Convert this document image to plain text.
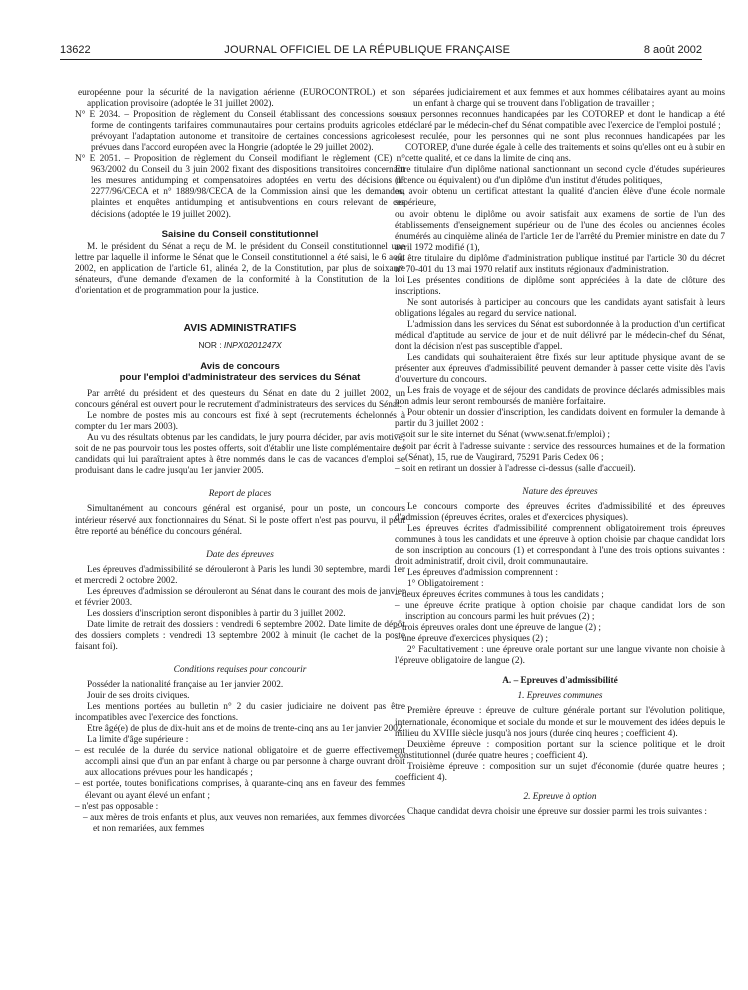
13622	JOURNAL OFFICIEL DE LA RÉPUBLIQUE FRANÇAISE	8 août 2002

européenne pour la sécurité de la navigation aérienne (EUROCONTROL) et son application provisoire (adoptée le 31 juillet 2002).

N° E 2034. – Proposition de règlement du Conseil établissant des concessions sous forme de contingents tarifaires communautaires pour certains produits agricoles et prévoyant l'adaptation autonome et transitoire de certaines concessions agricoles prévues dans l'accord européen avec la Hongrie (adoptée le 29 juillet 2002).

N° E 2051. – Proposition de règlement du Conseil modifiant le règlement (CE) n° 963/2002 du Conseil du 3 juin 2002 fixant des dispositions transitoires concernant les mesures antidumping et compensatoires adoptées en vertu des décisions n° 2277/96/CECA et n° 1889/98/CECA de la Commission ainsi que les demandes, plaintes et enquêtes antidumping et antisubventions en cours relevant de ces décisions (adoptée le 19 juillet 2002).

Saisine du Conseil constitutionnel

M. le président du Sénat a reçu de M. le président du Conseil constitutionnel une lettre par laquelle il informe le Sénat que le Conseil constitutionnel a été saisi, le 6 août 2002, en application de l'article 61, alinéa 2, de la Constitution, par plus de soixante sénateurs, d'une demande d'examen de la conformité à la Constitution de la loi d'orientation et de programmation pour la justice.

AVIS ADMINISTRATIFS
NOR : INPX0201247X
Avis de concours
pour l'emploi d'administrateur des services du Sénat

Par arrêté du président et des questeurs du Sénat en date du 2 juillet 2002, un concours général est ouvert pour le recrutement d'administrateurs des services du Sénat.

Le nombre de postes mis au concours est fixé à sept (recrutements échelonnés à compter du 1er mars 2003).

Au vu des résultats obtenus par les candidats, le jury pourra décider, par avis motivé, soit de ne pas pourvoir tous les postes offerts, soit d'établir une liste complémentaire des candidats qui lui paraîtraient aptes à être nommés dans le cas de vacances d'emploi se produisant dans le cadre jusqu'au 1er janvier 2005.

Report de places

Simultanément au concours général est organisé, pour un poste, un concours intérieur réservé aux fonctionnaires du Sénat. Si le poste offert n'est pas pourvu, il peut être reporté au bénéfice du concours général.

Date des épreuves

Les épreuves d'admissibilité se dérouleront à Paris les lundi 30 septembre, mardi 1er et mercredi 2 octobre 2002.

Les épreuves d'admission se dérouleront au Sénat dans le courant des mois de janvier et février 2003.

Les dossiers d'inscription seront disponibles à partir du 3 juillet 2002.

Date limite de retrait des dossiers : vendredi 6 septembre 2002. Date limite de dépôt des dossiers complets : vendredi 13 septembre 2002 à minuit (le cachet de la poste faisant foi).

Conditions requises pour concourir

Posséder la nationalité française au 1er janvier 2002.

Jouir de ses droits civiques.

Les mentions portées au bulletin n° 2 du casier judiciaire ne doivent pas être incompatibles avec l'exercice des fonctions.

Etre âgé(e) de plus de dix-huit ans et de moins de trente-cinq ans au 1er janvier 2002.

La limite d'âge supérieure :

– est reculée de la durée du service national obligatoire et de guerre effectivement accompli ainsi que d'un an par enfant à charge ou par personne à charge ouvrant droit aux allocations prévues pour les handicapés ;

– est portée, toutes bonifications comprises, à quarante-cinq ans en faveur des femmes élevant ou ayant élevé un enfant ;

– n'est pas opposable :

– aux mères de trois enfants et plus, aux veuves non remariées, aux femmes divorcées et non remariées, aux femmes

séparées judiciairement et aux femmes et aux hommes célibataires ayant au moins un enfant à charge qui se trouvent dans l'obligation de travailler ;

– aux personnes reconnues handicapées par les COTOREP et dont le handicap a été déclaré par le médecin-chef du Sénat compatible avec l'exercice de l'emploi postulé ;

– est reculée, pour les personnes qui ne sont plus reconnues handicapées par les COTOREP, d'une durée égale à celle des traitements et soins qu'elles ont eu à subir en cette qualité, et ce dans la limite de cinq ans.

Etre titulaire d'un diplôme national sanctionnant un second cycle d'études supérieures (licence ou équivalent) ou d'un diplôme d'un institut d'études politiques,

ou avoir obtenu un certificat attestant la qualité d'ancien élève d'une école normale supérieure,

ou avoir obtenu le diplôme ou avoir satisfait aux examens de sortie de l'un des établissements d'enseignement supérieur ou de l'une des écoles ou anciennes écoles énumérés au cinquième alinéa de l'article 1er de l'arrêté du Premier ministre en date du 7 avril 1972 modifié (1),

ou être titulaire du diplôme d'administration publique institué par l'article 30 du décret n° 70-401 du 13 mai 1970 relatif aux instituts régionaux d'administration.

Les présentes conditions de diplôme sont appréciées à la date de clôture des inscriptions.

Ne sont autorisés à participer au concours que les candidats ayant satisfait à leurs obligations légales au regard du service national.

L'admission dans les services du Sénat est subordonnée à la production d'un certificat médical d'aptitude au service de jour et de nuit délivré par le médecin-chef du Sénat, dont la décision n'est pas susceptible d'appel.

Les candidats qui souhaiteraient être fixés sur leur aptitude physique avant de se présenter aux épreuves d'admissibilité peuvent demander à passer cette visite dès l'avis d'ouverture du concours.

Les frais de voyage et de séjour des candidats de province déclarés admissibles mais non admis leur seront remboursés de manière forfaitaire.

Pour obtenir un dossier d'inscription, les candidats doivent en formuler la demande à partir du 3 juillet 2002 :

– soit sur le site internet du Sénat (www.senat.fr/emploi) ;

– soit par écrit à l'adresse suivante : service des ressources humaines et de la formation (Sénat), 15, rue de Vaugirard, 75291 Paris Cedex 06 ;

– soit en retirant un dossier à l'adresse ci-dessus (salle d'accueil).

Nature des épreuves

Le concours comporte des épreuves écrites d'admissibilité et des épreuves d'admission (épreuves écrites, orales et d'exercices physiques).

Les épreuves écrites d'admissibilité comprennent obligatoirement trois épreuves communes à tous les candidats et une épreuve à option choisie par chaque candidat lors de son inscription au concours (1) et correspondant à l'une des trois options suivantes : droit administratif, droit civil, droit communautaire.

Les épreuves d'admission comprennent :

1° Obligatoirement :

– deux épreuves écrites communes à tous les candidats ;

– une épreuve écrite pratique à option choisie par chaque candidat lors de son inscription au concours parmi les huit prévues (2) ;

– trois épreuves orales dont une épreuve de langue (2) ;

– une épreuve d'exercices physiques (2) ;

2° Facultativement : une épreuve orale portant sur une langue vivante non choisie à l'épreuve obligatoire de langue (2).

A. – Epreuves d'admissibilité
1. Epreuves communes

Première épreuve : épreuve de culture générale portant sur l'évolution politique, internationale, économique et sociale du monde et sur le mouvement des idées depuis le milieu du XVIIIe siècle jusqu'à nos jours (durée cinq heures ; coefficient 4).

Deuxième épreuve : composition portant sur la science politique et le droit constitutionnel (durée quatre heures ; coefficient 4).

Troisième épreuve : composition sur un sujet d'économie (durée quatre heures ; coefficient 4).

2. Epreuve à option

Chaque candidat devra choisir une épreuve sur dossier parmi les trois suivantes :
